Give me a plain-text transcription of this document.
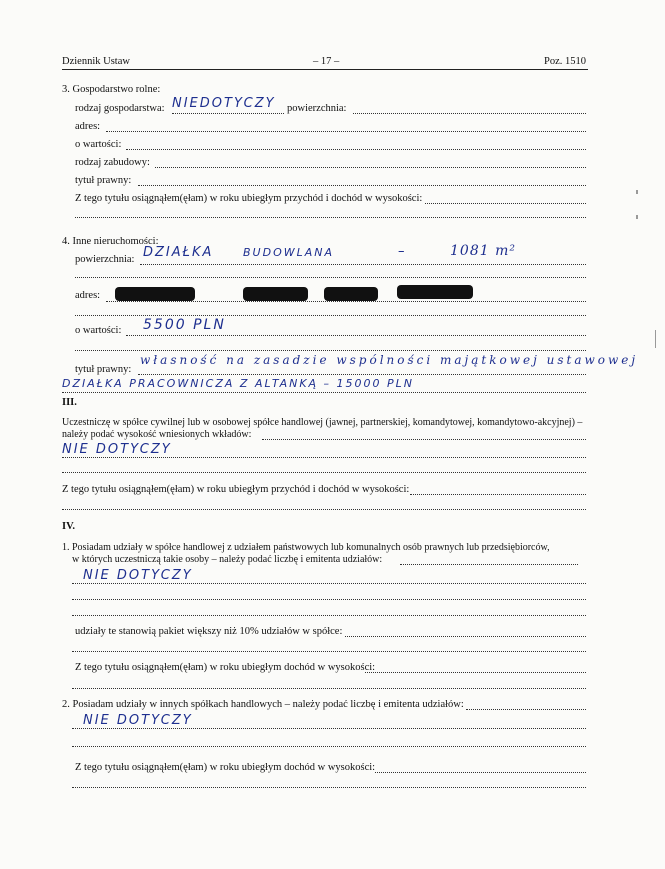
Dziennik Ustaw	– 17 –	Poz. 1510
3. Gospodarstwo rolne:
rodzaj gospodarstwa: NIEDOTYCZY powierzchnia:
adres:
o wartości:
rodzaj zabudowy:
tytuł prawny:
Z tego tytułu osiągnąłem(ęłam) w roku ubiegłym przychód i dochód w wysokości:
4. Inne nieruchomości:
powierzchnia: DZIAŁKA	BUDOWLANA	–	1081 m²
adres:
o wartości: 5500 PLN
tytuł prawny:
własność na zasadzie wspólności majątkowej ustawowej
DZIAŁKA PRACOWNICZA Z ALTANKĄ – 15000 PLN
III.
Uczestniczę w spółce cywilnej lub w osobowej spółce handlowej (jawnej, partnerskiej, komandytowej, komandytowo-akcyjnej) –
należy podać wysokość wniesionych wkładów:
NIE DOTYCZY
Z tego tytułu osiągnąłem(ęłam) w roku ubiegłym przychód i dochód w wysokości:
IV.
1. Posiadam udziały w spółce handlowej z udziałem państwowych lub komunalnych osób prawnych lub przedsiębiorców,
w których uczestniczą takie osoby – należy podać liczbę i emitenta udziałów:
NIE DOTYCZY
udziały te stanowią pakiet większy niż 10% udziałów w spółce:
Z tego tytułu osiągnąłem(ęłam) w roku ubiegłym dochód w wysokości:
2. Posiadam udziały w innych spółkach handlowych – należy podać liczbę i emitenta udziałów:
NIE DOTYCZY
Z tego tytułu osiągnąłem(ęłam) w roku ubiegłym dochód w wysokości:
